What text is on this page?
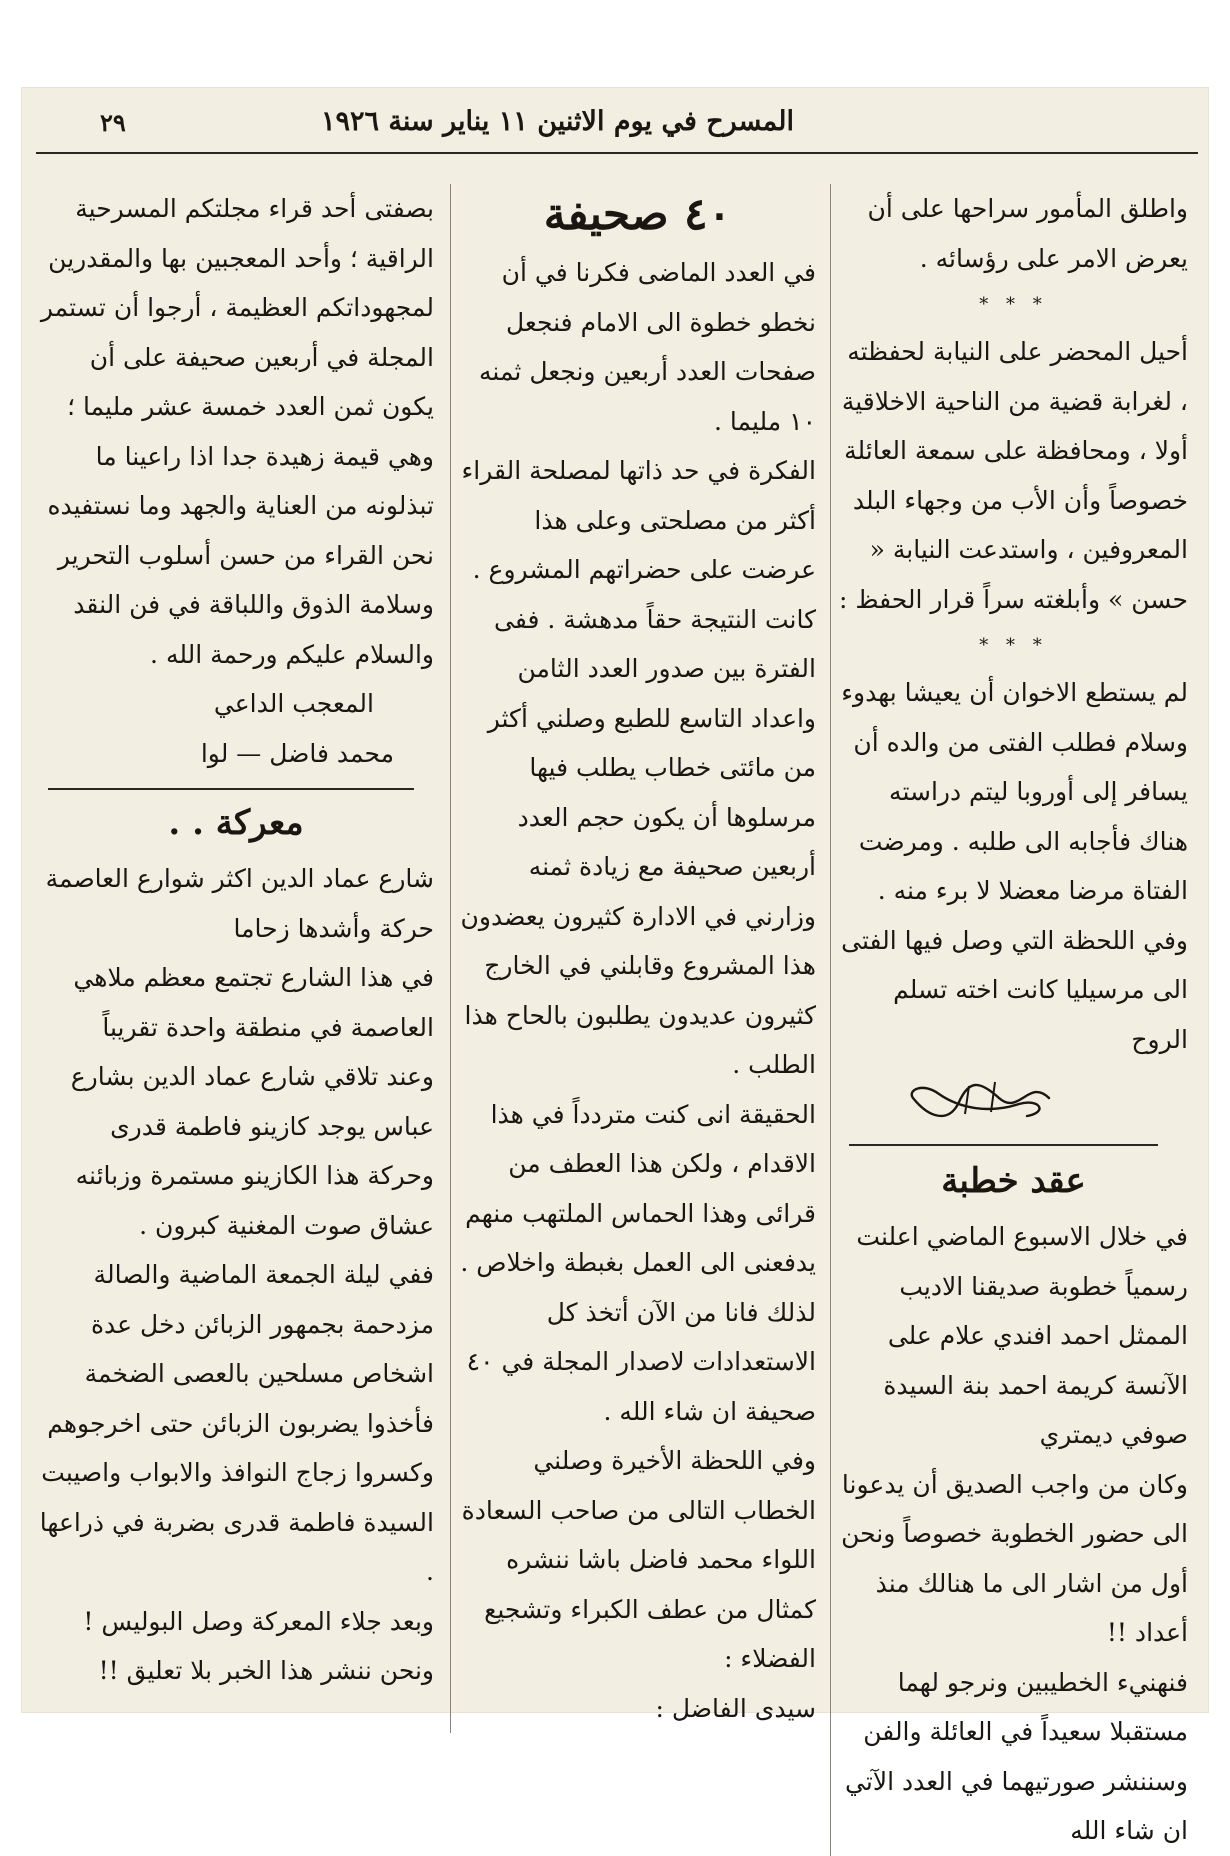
المسرح في يوم الاثنين ١١ يناير سنة ١٩٢٦
٢٩

واطلق المأمور سراحها على أن يعرض الامر على رؤسائه .

* * *

أحيل المحضر على النيابة لحفظته ، لغرابة قضية من الناحية الاخلاقية أولا ، ومحافظة على سمعة العائلة خصوصاً وأن الأب من وجهاء البلد المعروفين ، واستدعت النيابة « حسن » وأبلغته سراً قرار الحفظ :

* * *

لم يستطع الاخوان أن يعيشا بهدوء وسلام فطلب الفتى من والده أن يسافر إلى أوروبا ليتم دراسته هناك فأجابه الى طلبه . ومرضت الفتاة مرضا معضلا لا برء منه .

وفي اللحظة التي وصل فيها الفتى الى مرسيليا كانت اخته تسلم الروح

عقد خطبة

في خلال الاسبوع الماضي اعلنت رسمياً خطوبة صديقنا الاديب الممثل احمد افندي علام على الآنسة كريمة احمد بنة السيدة صوفي ديمتري

وكان من واجب الصديق أن يدعونا الى حضور الخطوبة خصوصاً ونحن أول من اشار الى ما هنالك منذ أعداد !!

فنهنيء الخطيبين ونرجو لهما مستقبلا سعيداً في العائلة والفن

وسننشر صورتيهما في العدد الآتي ان شاء الله

٤٠ صحيفة

في العدد الماضى فكرنا في أن نخطو خطوة الى الامام فنجعل صفحات العدد أربعين ونجعل ثمنه ١٠ مليما .

الفكرة في حد ذاتها لمصلحة القراء أكثر من مصلحتى وعلى هذا عرضت على حضراتهم المشروع .

كانت النتيجة حقاً مدهشة . ففى الفترة بين صدور العدد الثامن واعداد التاسع للطبع وصلني أكثر من مائتى خطاب يطلب فيها مرسلوها أن يكون حجم العدد أربعين صحيفة مع زيادة ثمنه

وزارني في الادارة كثيرون يعضدون هذا المشروع وقابلني في الخارج كثيرون عديدون يطلبون بالحاح هذا الطلب .

الحقيقة انى كنت متردداً في هذا الاقدام ، ولكن هذا العطف من قرائى وهذا الحماس الملتهب منهم يدفعنى الى العمل بغبطة واخلاص .

لذلك فانا من الآن أتخذ كل الاستعدادات لاصدار المجلة في ٤٠ صحيفة ان شاء الله .

وفي اللحظة الأخيرة وصلني الخطاب التالى من صاحب السعادة اللواء محمد فاضل باشا ننشره كمثال من عطف الكبراء وتشجيع الفضلاء :

سيدى الفاضل :

بصفتى أحد قراء مجلتكم المسرحية الراقية ؛ وأحد المعجبين بها والمقدرين لمجهوداتكم العظيمة ، أرجوا أن تستمر المجلة في أربعين صحيفة على أن يكون ثمن العدد خمسة عشر مليما ؛ وهي قيمة زهيدة جدا اذا راعينا ما تبذلونه من العناية والجهد وما نستفيده نحن القراء من حسن أسلوب التحرير وسلامة الذوق واللباقة في فن النقد

والسلام عليكم ورحمة الله .

المعجب الداعي

محمد فاضل — لوا

معركة . .

شارع عماد الدين اكثر شوارع العاصمة حركة وأشدها زحاما

في هذا الشارع تجتمع معظم ملاهي العاصمة في منطقة واحدة تقريباً

وعند تلاقي شارع عماد الدين بشارع عباس يوجد كازينو فاطمة قدرى وحركة هذا الكازينو مستمرة وزبائنه عشاق صوت المغنية كبرون .

ففي ليلة الجمعة الماضية والصالة مزدحمة بجمهور الزبائن دخل عدة اشخاص مسلحين بالعصى الضخمة فأخذوا يضربون الزبائن حتى اخرجوهم وكسروا زجاج النوافذ والابواب واصيبت السيدة فاطمة قدرى بضربة في ذراعها .

وبعد جلاء المعركة وصل البوليس !

ونحن ننشر هذا الخبر بلا تعليق !!
